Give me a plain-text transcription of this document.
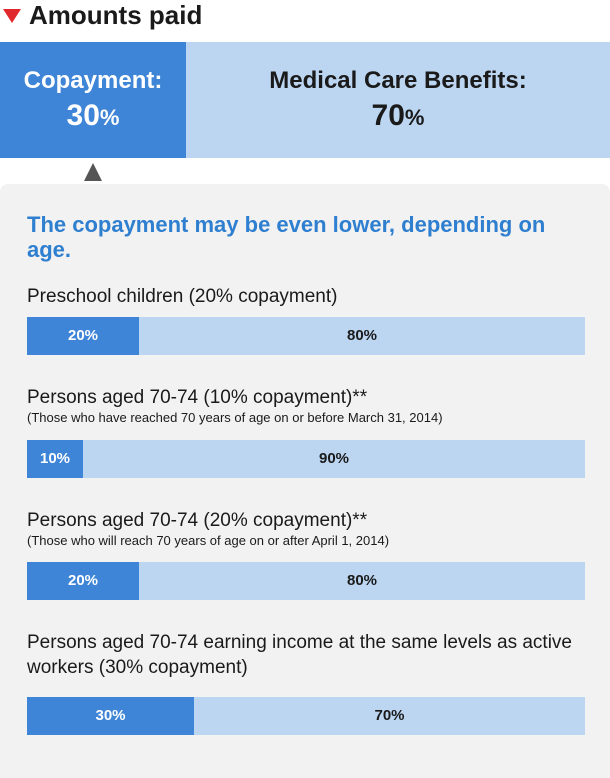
Amounts paid
Copayment:
30%
Medical Care Benefits:
70%
The copayment may be even lower, depending on age.
Preschool children (20% copayment)
20%	80%
Persons aged 70-74 (10% copayment)**
(Those who have reached 70 years of age on or before March 31, 2014)
10%	90%
Persons aged 70-74 (20% copayment)**
(Those who will reach 70 years of age on or after April 1, 2014)
20%	80%
Persons aged 70-74 earning income at the same levels as active workers (30% copayment)
30%	70%
